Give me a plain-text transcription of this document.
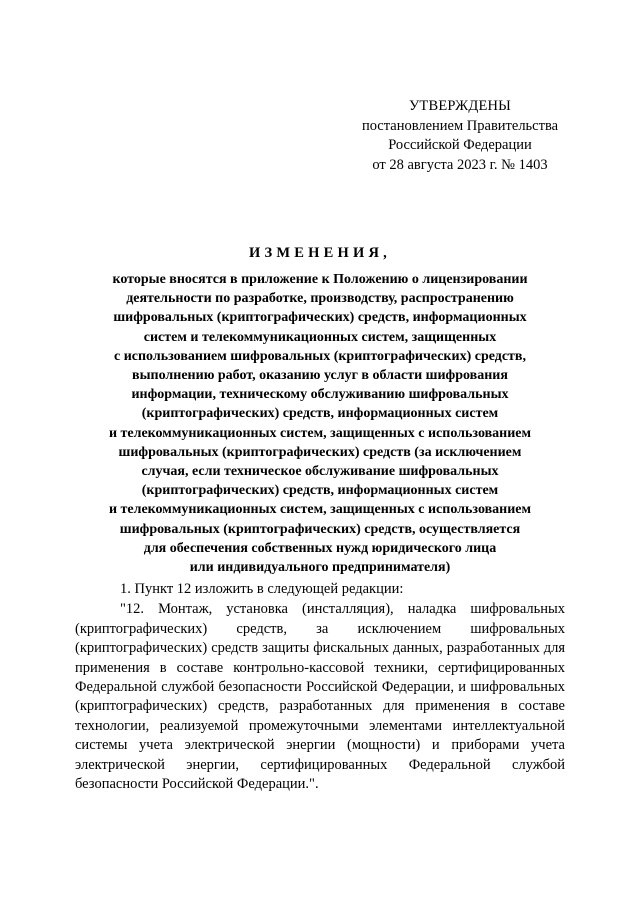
УТВЕРЖДЕНЫ
постановлением Правительства
Российской Федерации
от 28 августа 2023 г. № 1403
ИЗМЕНЕНИЯ,
которые вносятся в приложение к Положению о лицензировании
деятельности по разработке, производству, распространению
шифровальных (криптографических) средств, информационных
систем и телекоммуникационных систем, защищенных
с использованием шифровальных (криптографических) средств,
выполнению работ, оказанию услуг в области шифрования
информации, техническому обслуживанию шифровальных
(криптографических) средств, информационных систем
и телекоммуникационных систем, защищенных с использованием
шифровальных (криптографических) средств (за исключением
случая, если техническое обслуживание шифровальных
(криптографических) средств, информационных систем
и телекоммуникационных систем, защищенных с использованием
шифровальных (криптографических) средств, осуществляется
для обеспечения собственных нужд юридического лица
или индивидуального предпринимателя)
1. Пункт 12 изложить в следующей редакции:

"12. Монтаж, установка (инсталляция), наладка шифровальных (криптографических) средств, за исключением шифровальных (криптографических) средств защиты фискальных данных, разработанных для применения в составе контрольно-кассовой техники, сертифицированных Федеральной службой безопасности Российской Федерации, и шифровальных (криптографических) средств, разработанных для применения в составе технологии, реализуемой промежуточными элементами интеллектуальной системы учета электрической энергии (мощности) и приборами учета электрической энергии, сертифицированных Федеральной службой безопасности Российской Федерации.".
